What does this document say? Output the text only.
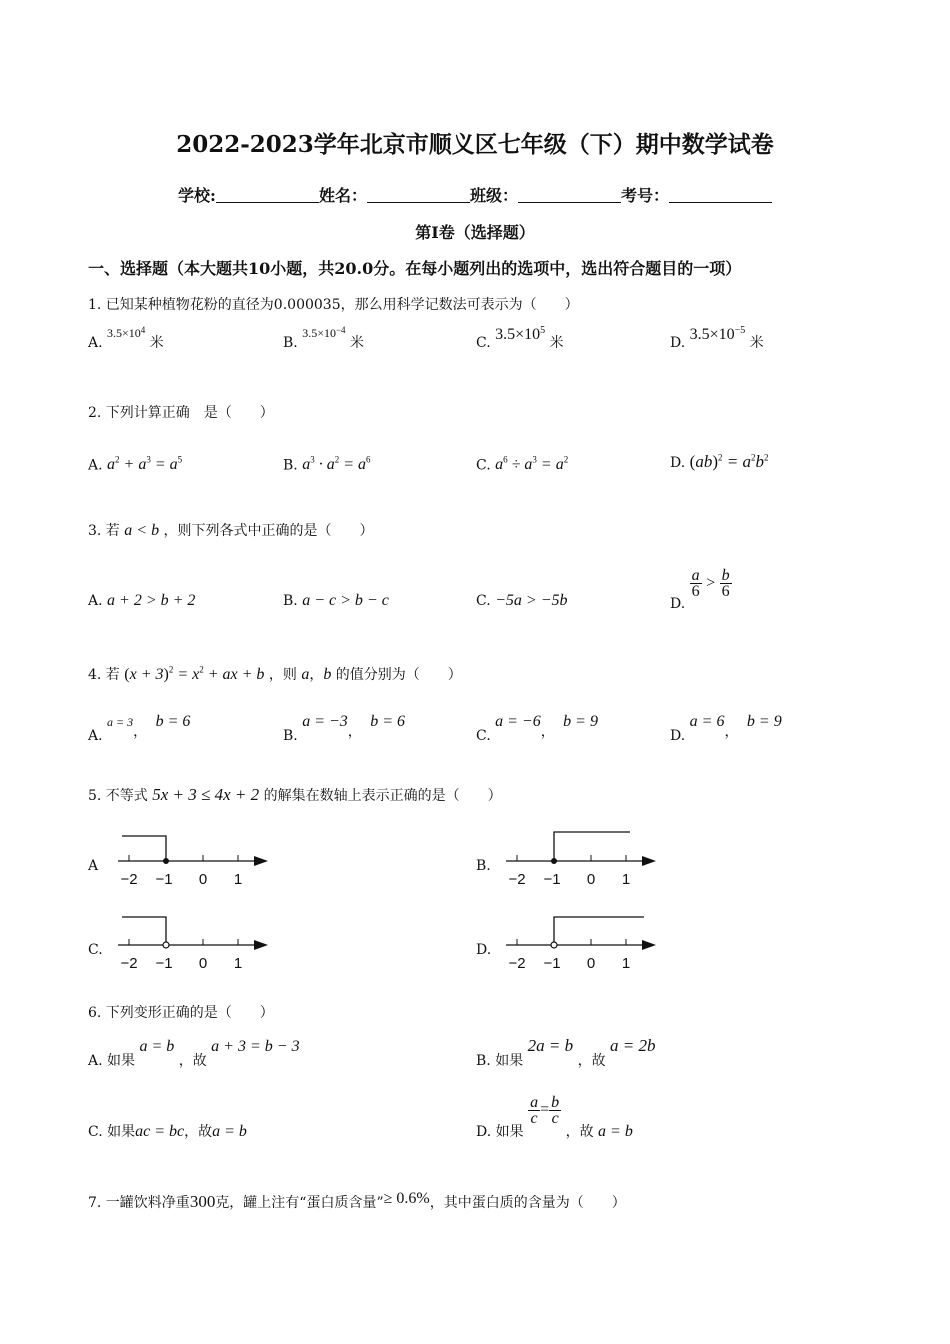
2022-2023学年北京市顺义区七年级（下）期中数学试卷
学校:	姓名：	班级：	考号：
第I卷（选择题）
一、选择题（本大题共10小题，共20.0分。在每小题列出的选项中，选出符合题目的一项）
1. 已知某种植物花粉的直径为0.000035，那么用科学记数法可表示为（　　）
A. $3.5\times 10^4$ 米	B. $3.5\times 10^{-4}$ 米	C. $3.5\times 10^5$ 米	D. $3.5\times 10^{-5}$ 米
2. 下列计算正确　是（　　）
A. $a^2 + a^3 = a^5$	B. $a^3 \cdot a^2 = a^6$	C. $a^6 \div a^3 = a^2$	D. $(ab)^2 = a^2b^2$
3. 若 a < b ，则下列各式中正确的是（　　）
A. a + 2 > b + 2	B. a − c > b − c	C. −5a > −5b	D.
$\frac{a}{6} > \frac{b}{6}$
4. 若 $(x + 3)^2 = x^2$ + ax + b ，则 a，b 的值分别为（　　）
A. a = 3， b = 6
B. a = −3， b = 6
C. a = −6， b = 9
D. a = 6， b = 9
5. 不等式 5x + 3 ≤ 4x + 2 的解集在数轴上表示正确的是（　　）
A
−2 −1 0 1
B.
−2 −1 0 1
C.
−2 −1 0 1
D.
−2 −1 0 1
6. 下列变形正确的是（　　）
A. 如果 a = b ，故 a + 3 = b − 3
B. 如果 2a = b ，故 a = 2b
C. 如果ac = bc，故a = b	D. 如果
$\frac{a}{c} = \frac{b}{c}$
，故 a = b
7. 一罐饮料净重300克，罐上注有“蛋白质含量”≥ 0.6%，其中蛋白质的含量为（　　）
